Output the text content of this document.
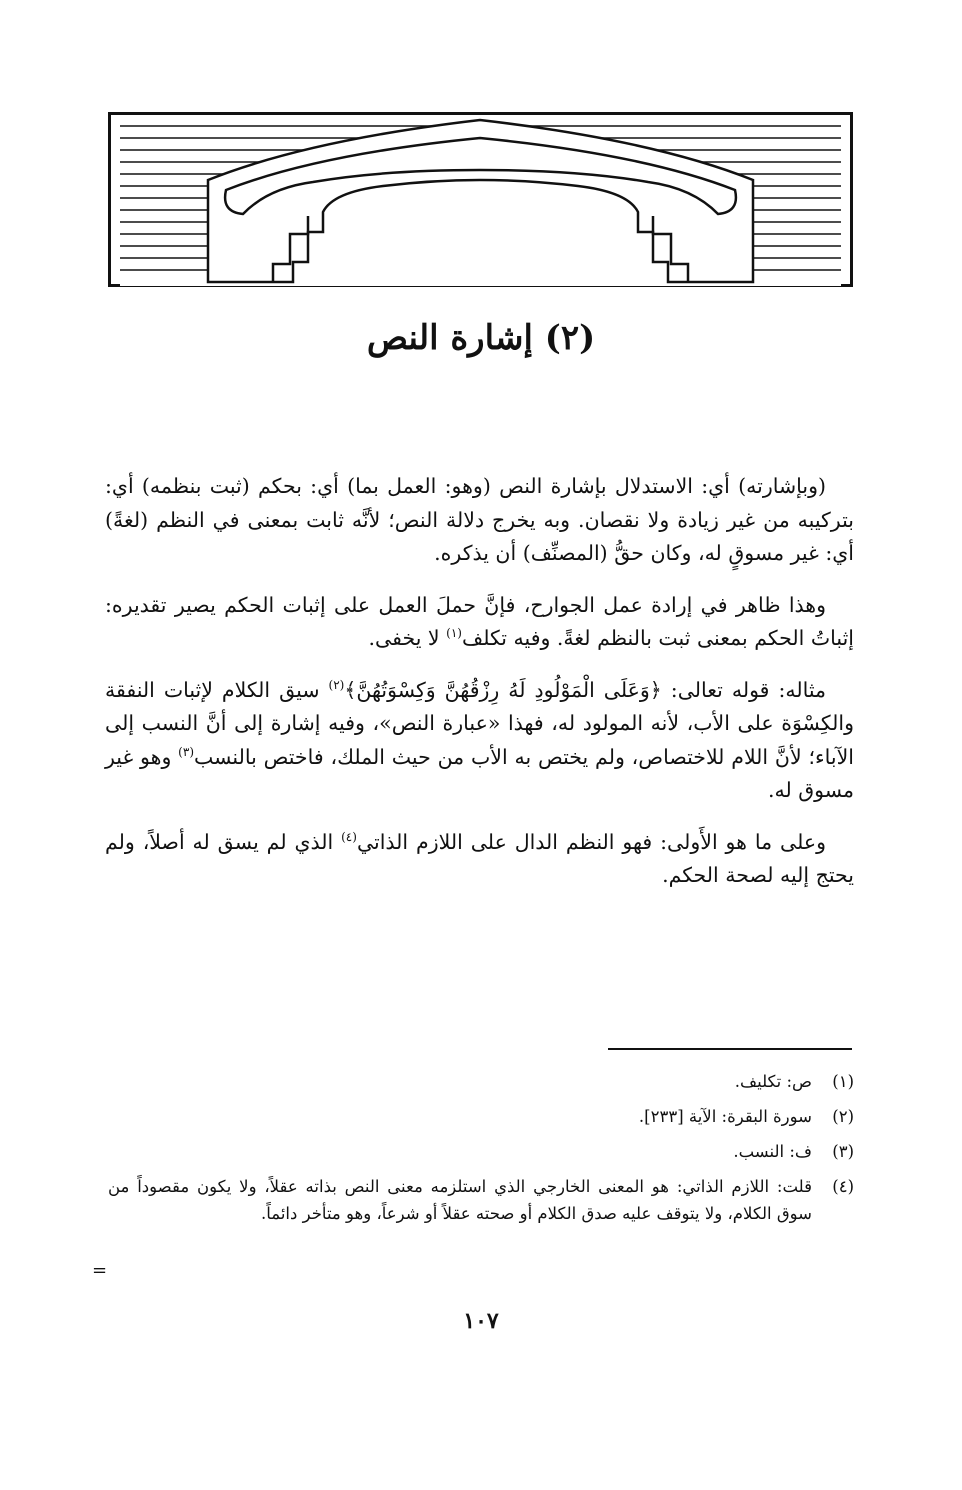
(٢) إشارة النص

(وبإشارته) أي: الاستدلال بإشارة النص (وهو: العمل بما) أي: بحكم (ثبت بنظمه) أي: بتركيبه من غير زيادة ولا نقصان. وبه يخرج دلالة النص؛ لأنَّه ثابت بمعنى في النظم (لغةً) أي: غير مسوقٍ له، وكان حقُّ (المصنِّف) أن يذكره.

وهذا ظاهر في إرادة عمل الجوارح، فإنَّ حملَ العمل على إثبات الحكم يصير تقديره: إثباتُ الحكم بمعنى ثبت بالنظم لغةً. وفيه تكلف$^{(١)}$ لا يخفى.

مثاله: قوله تعالى: ﴿وَعَلَى الْمَوْلُودِ لَهُ رِزْقُهُنَّ وَكِسْوَتُهُنَّ﴾$^{(٢)}$ سيق الكلام لإثبات النفقة والكِسْوَة على الأب، لأنه المولود له، فهذا «عبارة النص»، وفيه إشارة إلى أنَّ النسب إلى الآباء؛ لأنَّ اللام للاختصاص، ولم يختص به الأب من حيث الملك، فاختص بالنسب$^{(٣)}$ وهو غير مسوق له.

وعلى ما هو الأَولى: فهو النظم الدال على اللازم الذاتي$^{(٤)}$ الذي لم يسق له أصلاً، ولم يحتج إليه لصحة الحكم.

(١)
ص: تكليف.
(٢)
سورة البقرة: الآية [٢٣٣].
(٣)
ف: النسب.
(٤)
قلت: اللازم الذاتي: هو المعنى الخارجي الذي استلزمه معنى النص بذاته عقلاً، ولا يكون مقصوداً من سوق الكلام، ولا يتوقف عليه صدق الكلام أو صحته عقلاً أو شرعاً، وهو متأخر دائماً.
=
١٠٧
